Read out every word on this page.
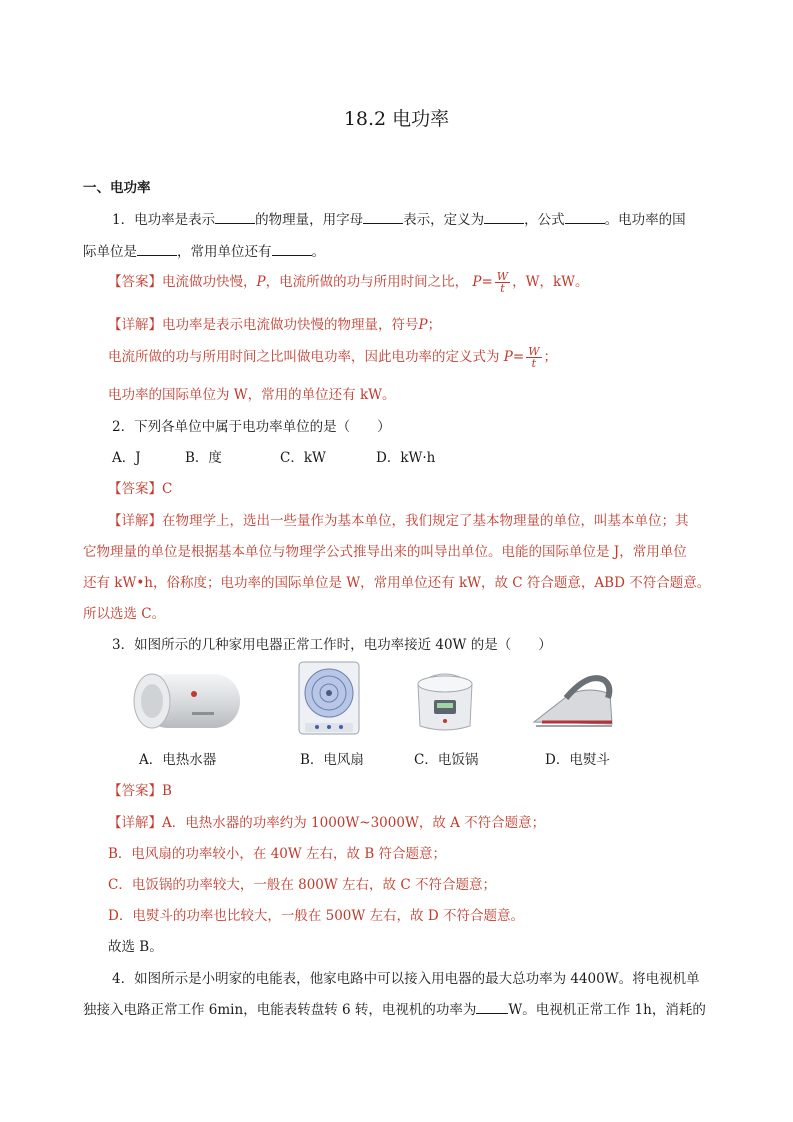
18.2 电功率
一、电功率
1．电功率是表示	的物理量，用字母	表示，定义为	，公式	。电功率的国
际单位是	，常用单位还有	。
【答案】电流做功快慢，P，电流所做的功与所用时间之比， $P= \frac{W}{t}$ ，W，kW。
【详解】电功率是表示电流做功快慢的物理量，符号P；
电流所做的功与所用时间之比叫做电功率，因此电功率的定义式为 $P= \frac{W}{t}$ ；
电功率的国际单位为 W，常用的单位还有 kW。
2．下列各单位中属于电功率单位的是（　　）
A．J	B．度	C．kW	D．kW·h
【答案】C
【详解】在物理学上，选出一些量作为基本单位，我们规定了基本物理量的单位，叫基本单位；其
它物理量的单位是根据基本单位与物理学公式推导出来的叫导出单位。电能的国际单位是 J，常用单位
还有 kW•h，俗称度；电功率的国际单位是 W，常用单位还有 kW，故 C 符合题意，ABD 不符合题意。
所以选选 C。
3．如图所示的几种家用电器正常工作时，电功率接近 40W 的是（　　）
A．电热水器	B．电风扇	C．电饭锅	D．电熨斗
【答案】B
【详解】A．电热水器的功率约为 1000W~3000W，故 A 不符合题意；
B．电风扇的功率较小，在 40W 左右，故 B 符合题意；
C．电饭锅的功率较大，一般在 800W 左右，故 C 不符合题意；
D．电熨斗的功率也比较大，一般在 500W 左右，故 D 不符合题意。
故选 B。
4．如图所示是小明家的电能表，他家电路中可以接入用电器的最大总功率为 4400W。将电视机单
独接入电路正常工作 6min，电能表转盘转 6 转，电视机的功率为 W。电视机正常工作 1h，消耗的
